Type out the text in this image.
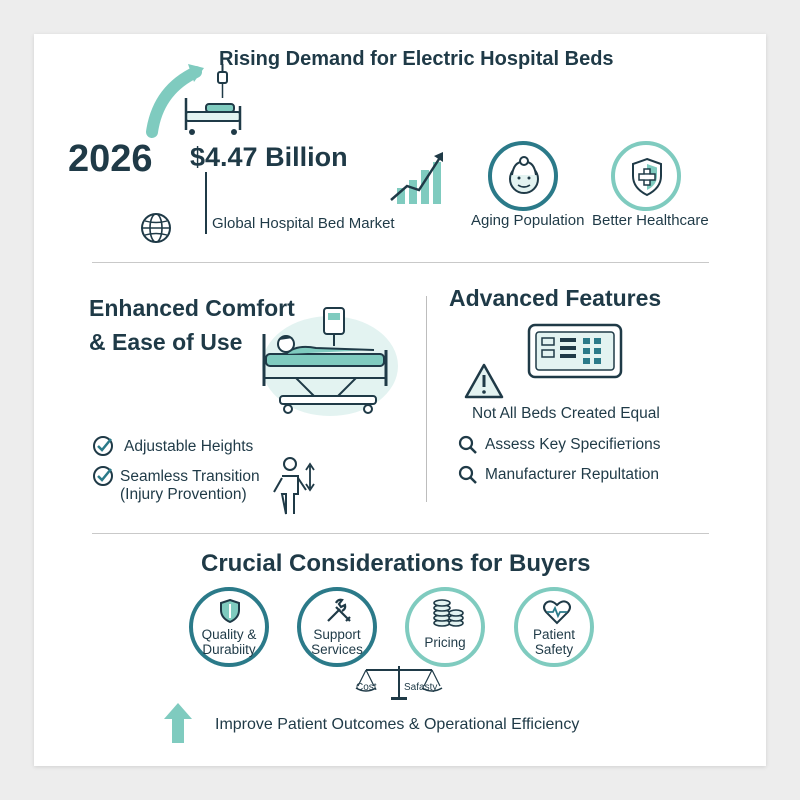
Rising Demand for Electric Hospital Beds
2026 $4.47 Billion
Global Hospital Bed Market	Aging Population Better Healthcare
Enhanced Comfort
& Ease of Use
Adjustable Heights
Seamless Transition
(Injury Provention)
Advanced Features
Not All Beds Created Equal
Assess Key Specifiетions
Manufacturer Repultation
Crucial Considerations for Buyers
Quality &
Durabiity
Support
Services	Pricing
Patient
Safety
Cost	Safasty
Improve Patient Outcomes & Operational Efficiency
